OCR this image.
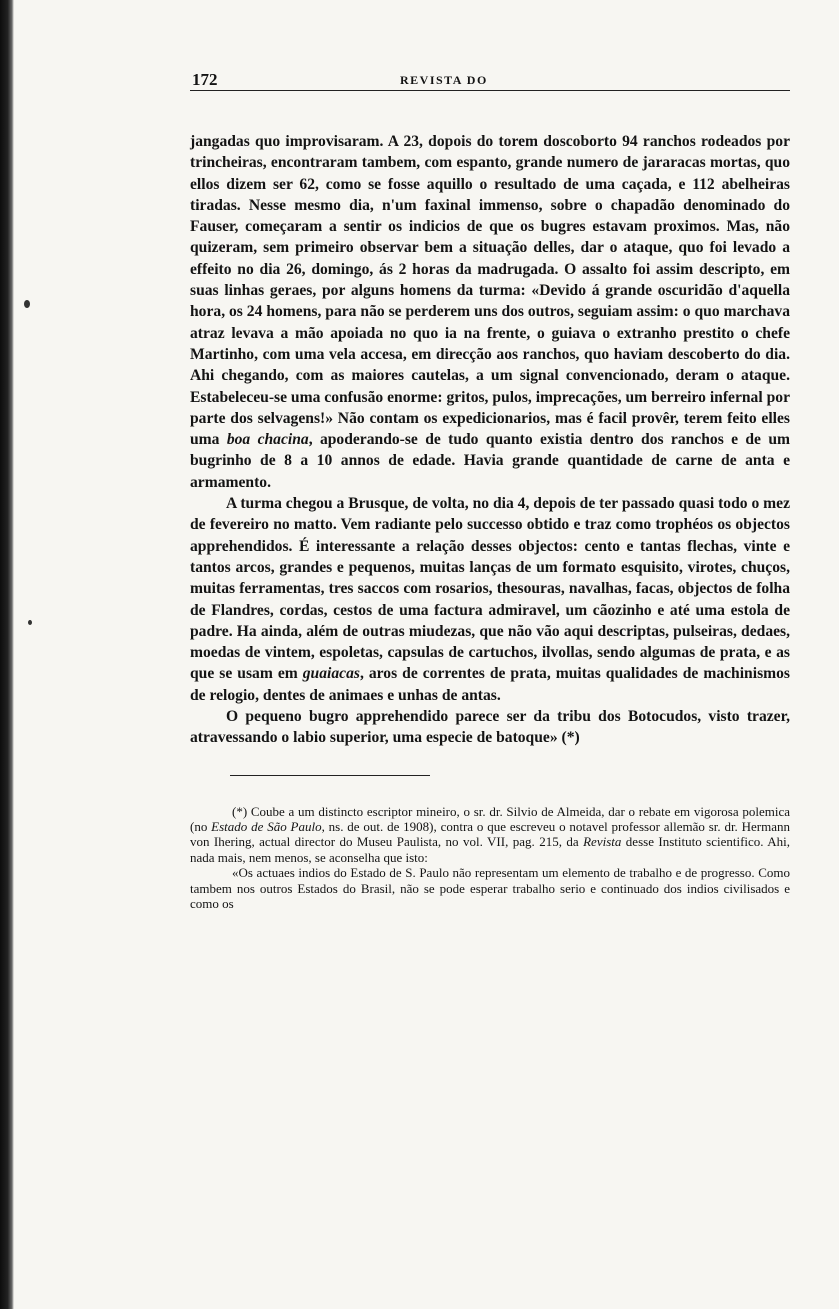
172	REVISTA DO

jangadas quo improvisaram. A 23, dopois do torem doscoborto 94 ranchos rodeados por trincheiras, encontraram tambem, com espanto, grande numero de jararacas mortas, quo ellos dizem ser 62, como se fosse aquillo o resultado de uma caçada, e 112 abelheiras tiradas. Nesse mesmo dia, n'um faxinal immenso, sobre o chapadão denominado do Fauser, começaram a sentir os indicios de que os bugres estavam proximos. Mas, não quizeram, sem primeiro observar bem a situação delles, dar o ataque, quo foi levado a effeito no dia 26, domingo, ás 2 horas da madrugada. O assalto foi assim descripto, em suas linhas geraes, por alguns homens da turma: «Devido á grande oscuridão d'aquella hora, os 24 homens, para não se perderem uns dos outros, seguiam assim: o quo marchava atraz levava a mão apoiada no quo ia na frente, o guiava o extranho prestito o chefe Martinho, com uma vela accesa, em direcção aos ranchos, quo haviam descoberto do dia. Ahi chegando, com as maiores cautelas, a um signal convencionado, deram o ataque. Estabeleceu-se uma confusão enorme: gritos, pulos, imprecações, um berreiro infernal por parte dos selvagens!» Não contam os expedicionarios, mas é facil provêr, terem feito elles uma boa chacina, apoderando-se de tudo quanto existia dentro dos ranchos e de um bugrinho de 8 a 10 annos de edade. Havia grande quantidade de carne de anta e armamento.

A turma chegou a Brusque, de volta, no dia 4, depois de ter passado quasi todo o mez de fevereiro no matto. Vem radiante pelo successo obtido e traz como trophéos os objectos apprehendidos. É interessante a relação desses objectos: cento e tantas flechas, vinte e tantos arcos, grandes e pequenos, muitas lanças de um formato esquisito, virotes, chuços, muitas ferramentas, tres saccos com rosarios, thesouras, navalhas, facas, objectos de folha de Flandres, cordas, cestos de uma factura admiravel, um cãozinho e até uma estola de padre. Ha ainda, além de outras miudezas, que não vão aqui descriptas, pulseiras, dedaes, moedas de vintem, espoletas, capsulas de cartuchos, ilvollas, sendo algumas de prata, e as que se usam em guaiacas, aros de correntes de prata, muitas qualidades de machinismos de relogio, dentes de animaes e unhas de antas.

O pequeno bugro apprehendido parece ser da tribu dos Botocudos, visto trazer, atravessando o labio superior, uma especie de batoque» (*)

(*) Coube a um distincto escriptor mineiro, o sr. dr. Silvio de Almeida, dar o rebate em vigorosa polemica (no Estado de São Paulo, ns. de out. de 1908), contra o que escreveu o notavel professor allemão sr. dr. Hermann von Ihering, actual director do Museu Paulista, no vol. VII, pag. 215, da Revista desse Instituto scientifico. Ahi, nada mais, nem menos, se aconselha que isto:

«Os actuaes indios do Estado de S. Paulo não representam um elemento de trabalho e de progresso. Como tambem nos outros Estados do Brasil, não se pode esperar trabalho serio e continuado dos indios civilisados e como os
